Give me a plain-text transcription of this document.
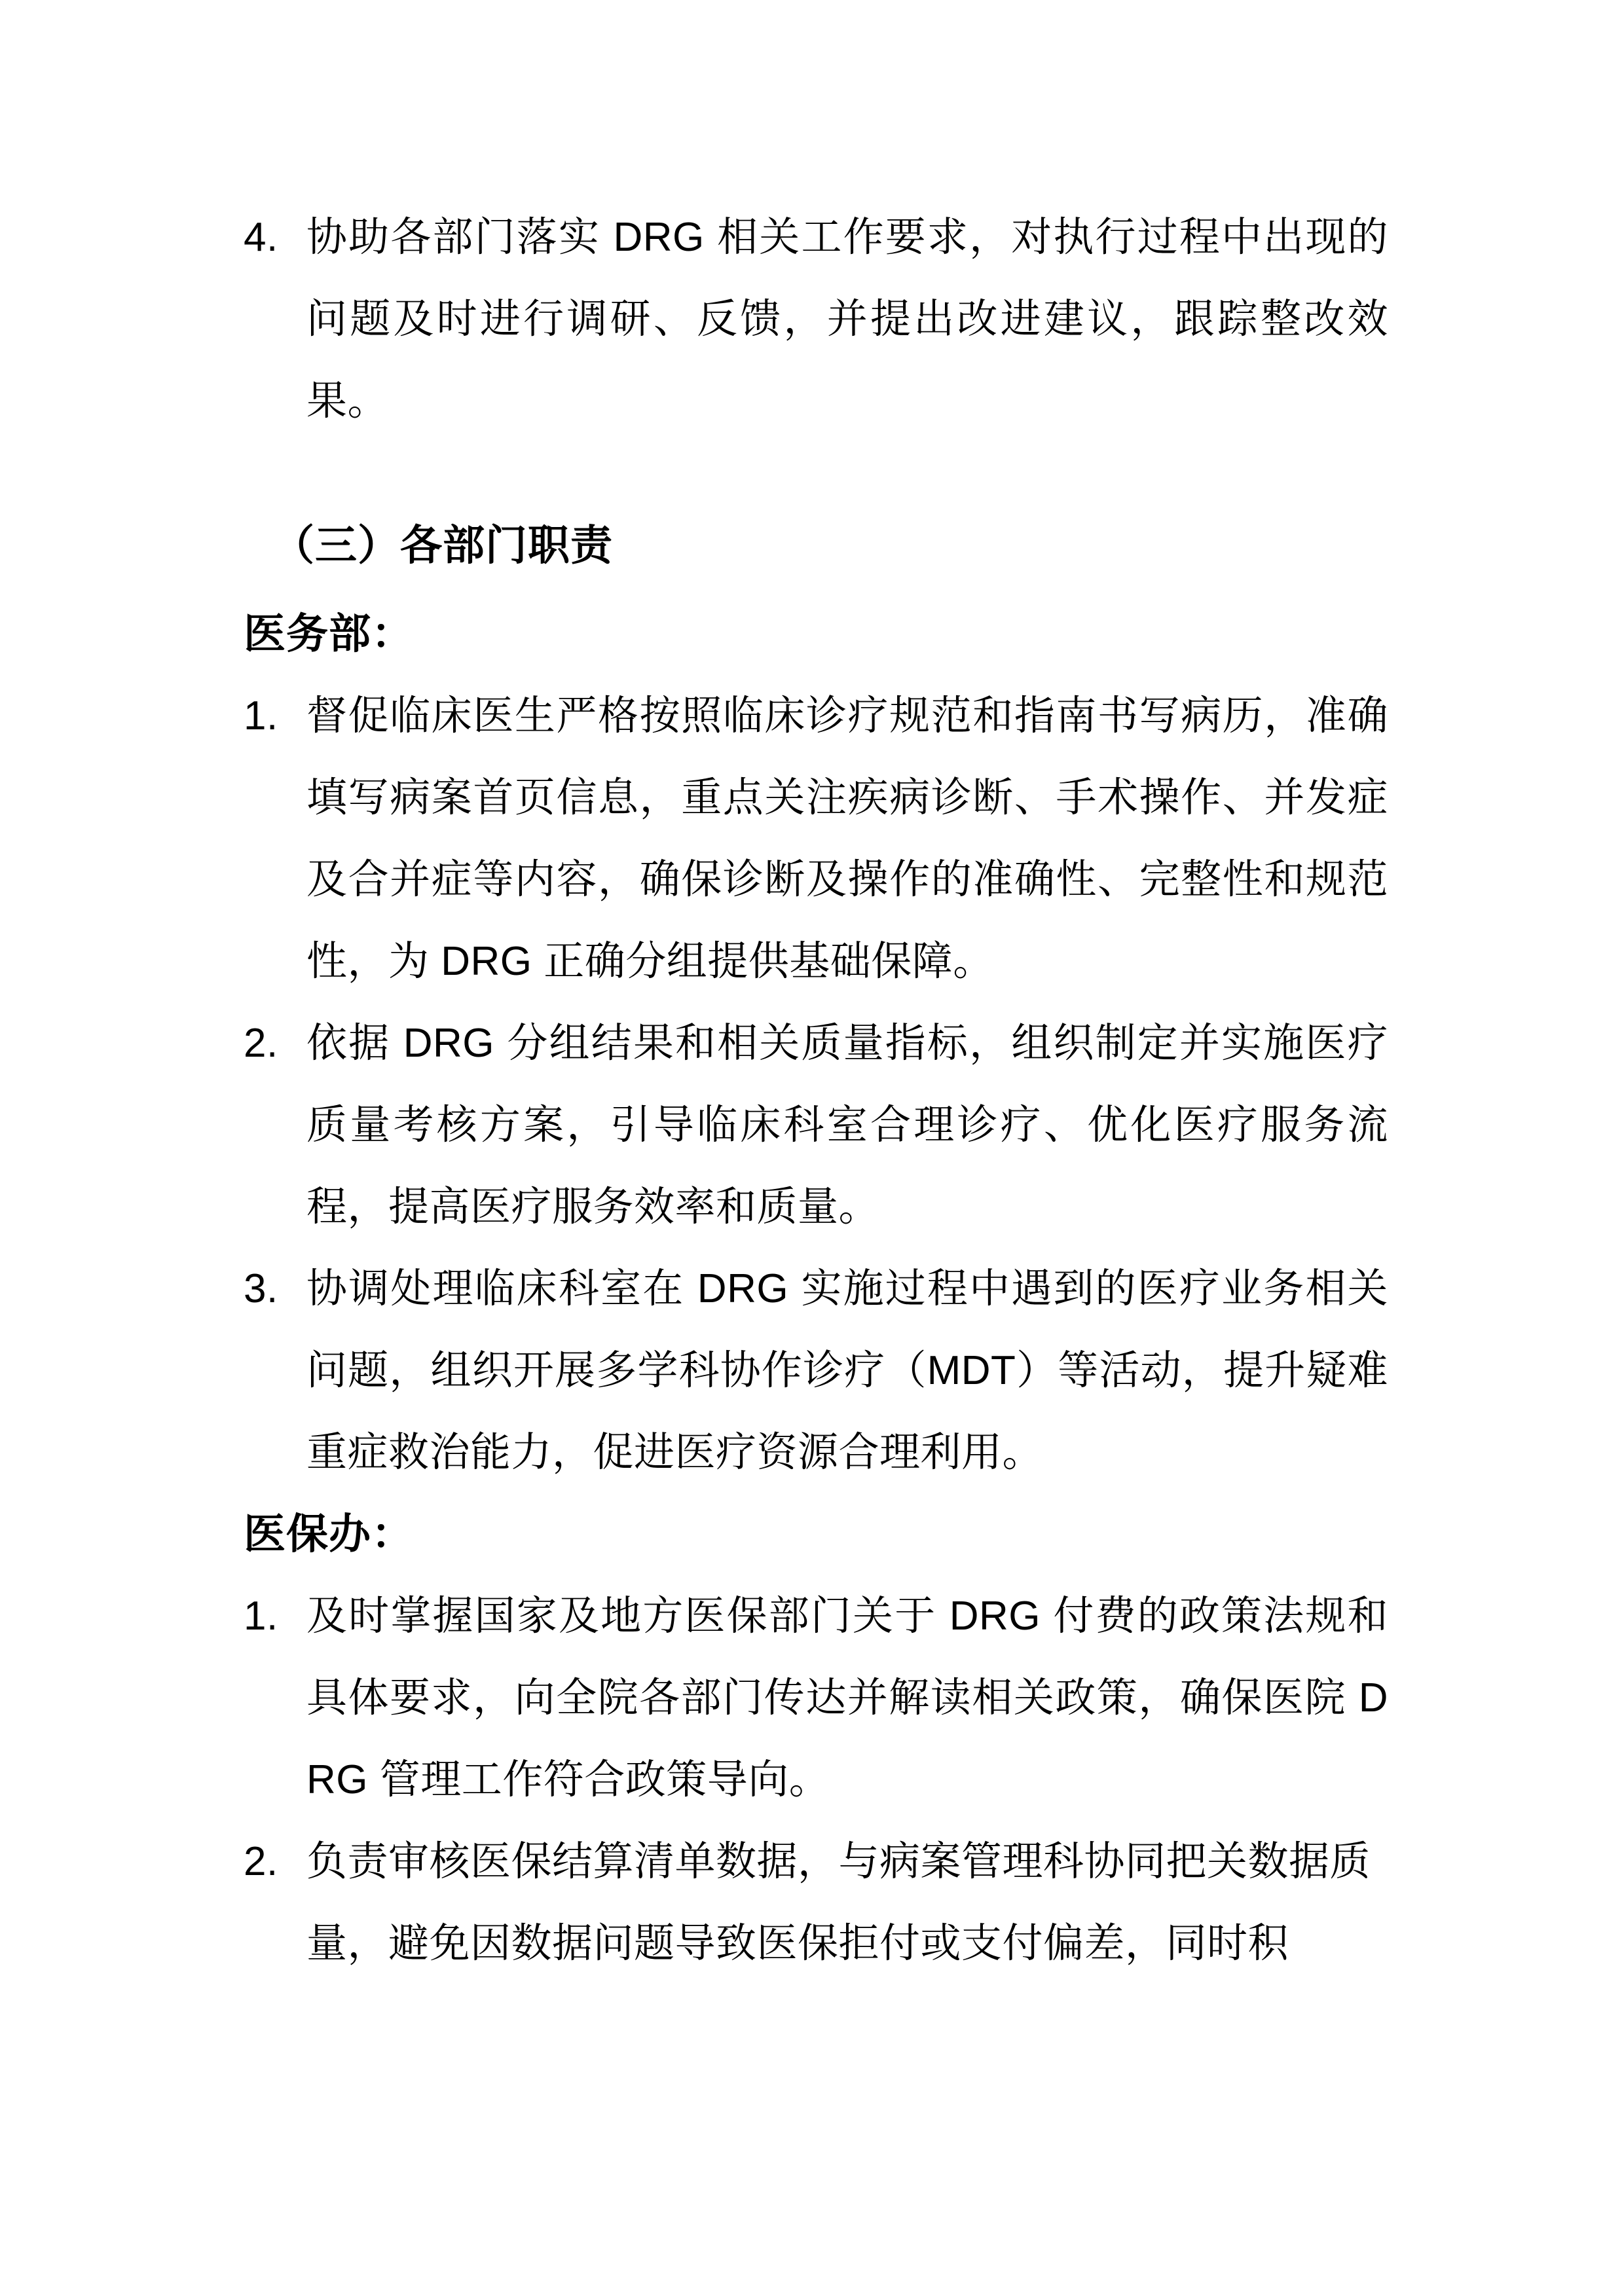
4. 协助各部门落实 DRG 相关工作要求，对执行过程中出现的问题及时进行调研、反馈，并提出改进建议，跟踪整改效果。
（三）各部门职责
医务部：
1. 督促临床医生严格按照临床诊疗规范和指南书写病历，准确填写病案首页信息，重点关注疾病诊断、手术操作、并发症及合并症等内容，确保诊断及操作的准确性、完整性和规范性，为 DRG 正确分组提供基础保障。
2. 依据 DRG 分组结果和相关质量指标，组织制定并实施医疗质量考核方案，引导临床科室合理诊疗、优化医疗服务流程，提高医疗服务效率和质量。
3. 协调处理临床科室在 DRG 实施过程中遇到的医疗业务相关问题，组织开展多学科协作诊疗（MDT）等活动，提升疑难重症救治能力，促进医疗资源合理利用。
医保办：
1. 及时掌握国家及地方医保部门关于 DRG 付费的政策法规和具体要求，向全院各部门传达并解读相关政策，确保医院 DRG 管理工作符合政策导向。
2. 负责审核医保结算清单数据，与病案管理科协同把关数据质量，避免因数据问题导致医保拒付或支付偏差，同时积
